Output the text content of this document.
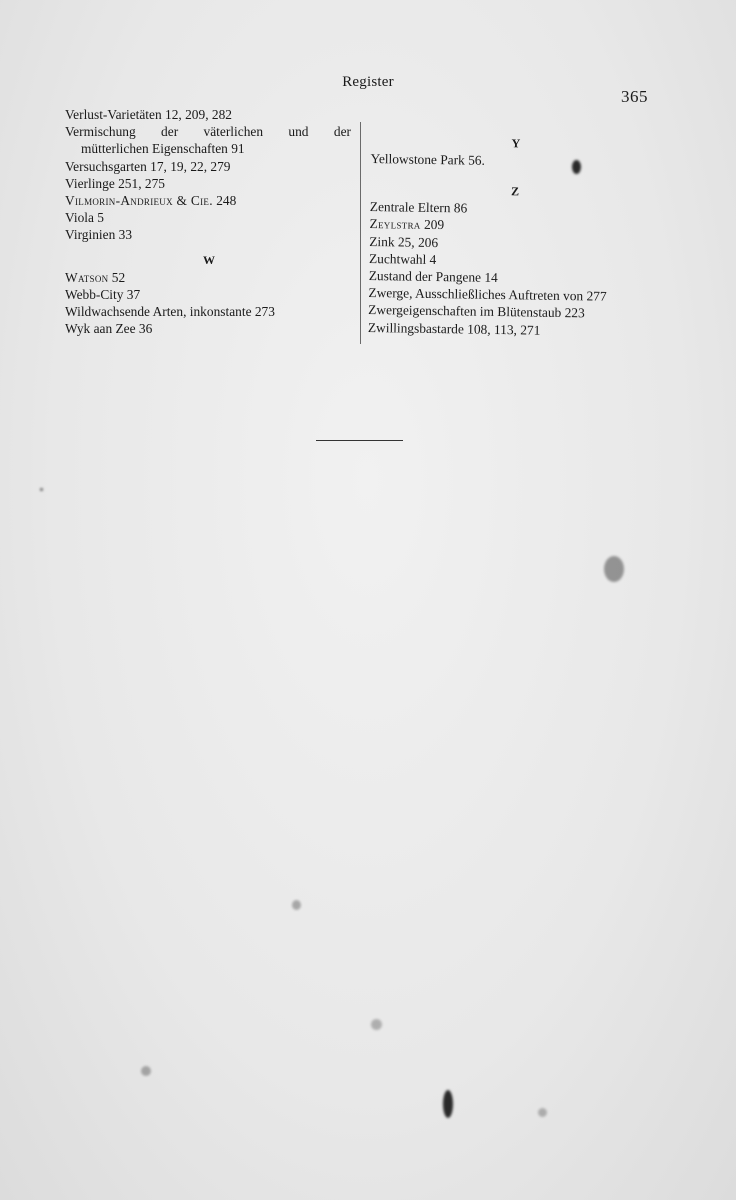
Register
365
Verlust-Varietäten 12, 209, 282
Vermischung der väterlichen und der
mütterlichen Eigenschaften 91
Versuchsgarten 17, 19, 22, 279
Vierlinge 251, 275
Vilmorin-Andrieux & Cie. 248
Viola 5
Virginien 33
W
Watson 52
Webb-City 37
Wildwachsende Arten, inkonstante 273
Wyk aan Zee 36
Y
Yellowstone Park 56.
Z
Zentrale Eltern 86
Zeylstra 209
Zink 25, 206
Zuchtwahl 4
Zustand der Pangene 14
Zwerge, Ausschließliches Auftreten von 277
Zwergeigenschaften im Blütenstaub 223
Zwillingsbastarde 108, 113, 271
